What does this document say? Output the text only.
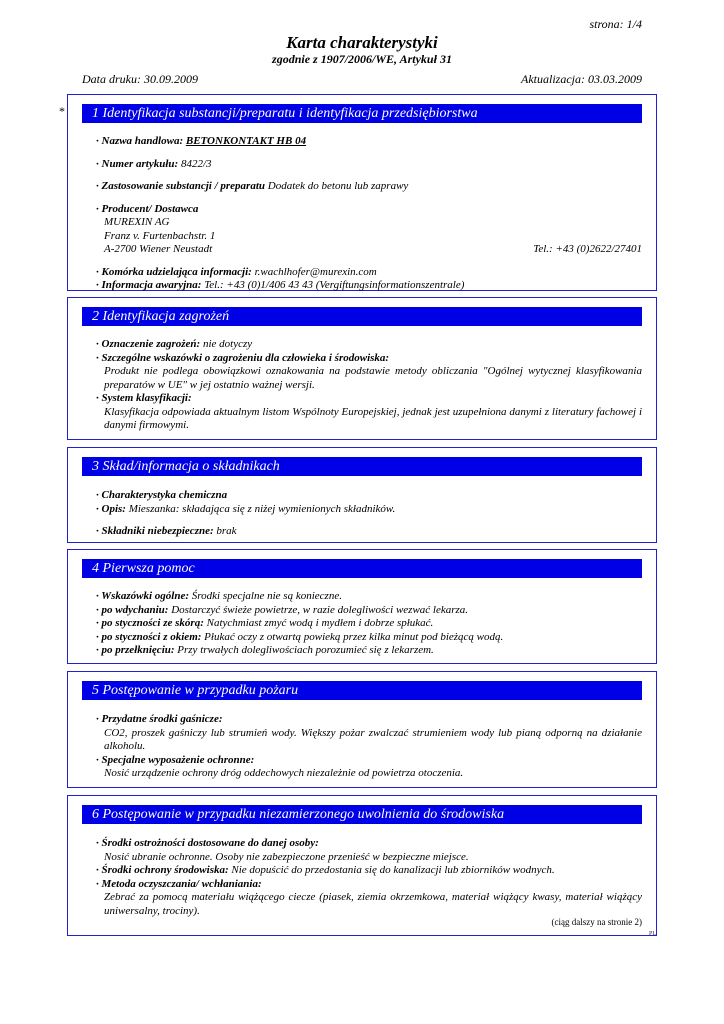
strona: 1/4
Karta charakterystyki
zgodnie z 1907/2006/WE, Artykuł 31
Data druku: 30.09.2009	Aktualizacja: 03.03.2009
*	1 Identyfikacja substancji/preparatu i identyfikacja przedsiębiorstwa
· Nazwa handlowa: BETONKONTAKT HB 04
· Numer artykułu: 8422/3
· Zastosowanie substancji / preparatu Dodatek do betonu lub zaprawy
· Producent/ Dostawca
MUREXIN AG
Franz v. Furtenbachstr. 1
A-2700 Wiener Neustadt	Tel.: +43 (0)2622/27401
· Komórka udzielająca informacji: r.wachlhofer@murexin.com
· Informacja awaryjna: Tel.: +43 (0)1/406 43 43 (Vergiftungsinformationszentrale)
2 Identyfikacja zagrożeń
· Oznaczenie zagrożeń: nie dotyczy
· Szczególne wskazówki o zagrożeniu dla człowieka i środowiska:
Produkt nie podlega obowiązkowi oznakowania na podstawie metody obliczania "Ogólnej wytycznej klasyfikowania preparatów w UE" w jej ostatnio ważnej wersji.
· System klasyfikacji:
Klasyfikacja odpowiada aktualnym listom Wspólnoty Europejskiej, jednak jest uzupełniona danymi z literatury fachowej i danymi firmowymi.
3 Skład/informacja o składnikach
· Charakterystyka chemiczna
· Opis: Mieszanka: składająca się z niżej wymienionych składników.
· Składniki niebezpieczne: brak
4 Pierwsza pomoc
· Wskazówki ogólne: Środki specjalne nie są konieczne.
· po wdychaniu: Dostarczyć świeże powietrze, w razie dolegliwości wezwać lekarza.
· po styczności ze skórą: Natychmiast zmyć wodą i mydłem i dobrze spłukać.
· po styczności z okiem: Płukać oczy z otwartą powieką przez kilka minut pod bieżącą wodą.
· po przełknięciu: Przy trwałych dolegliwościach porozumieć się z lekarzem.
5 Postępowanie w przypadku pożaru
· Przydatne środki gaśnicze:
CO2, proszek gaśniczy lub strumień wody. Większy pożar zwalczać strumieniem wody lub pianą odporną na działanie alkoholu.
· Specjalne wyposażenie ochronne:
Nosić urządzenie ochrony dróg oddechowych niezależnie od powietrza otoczenia.
6 Postępowanie w przypadku niezamierzonego uwolnienia do środowiska
· Środki ostrożności dostosowane do danej osoby:
Nosić ubranie ochronne. Osoby nie zabezpieczone przenieść w bezpieczne miejsce.
· Środki ochrony środowiska: Nie dopuścić do przedostania się do kanalizacji lub zbiorników wodnych.
· Metoda oczyszczania/ wchłaniania:
Zebrać za pomocą materiału wiążącego ciecze (piasek, ziemia okrzemkowa, materiał wiążący kwasy, materiał wiążący uniwersalny, trociny).
(ciąg dalszy na stronie 2)
PL
